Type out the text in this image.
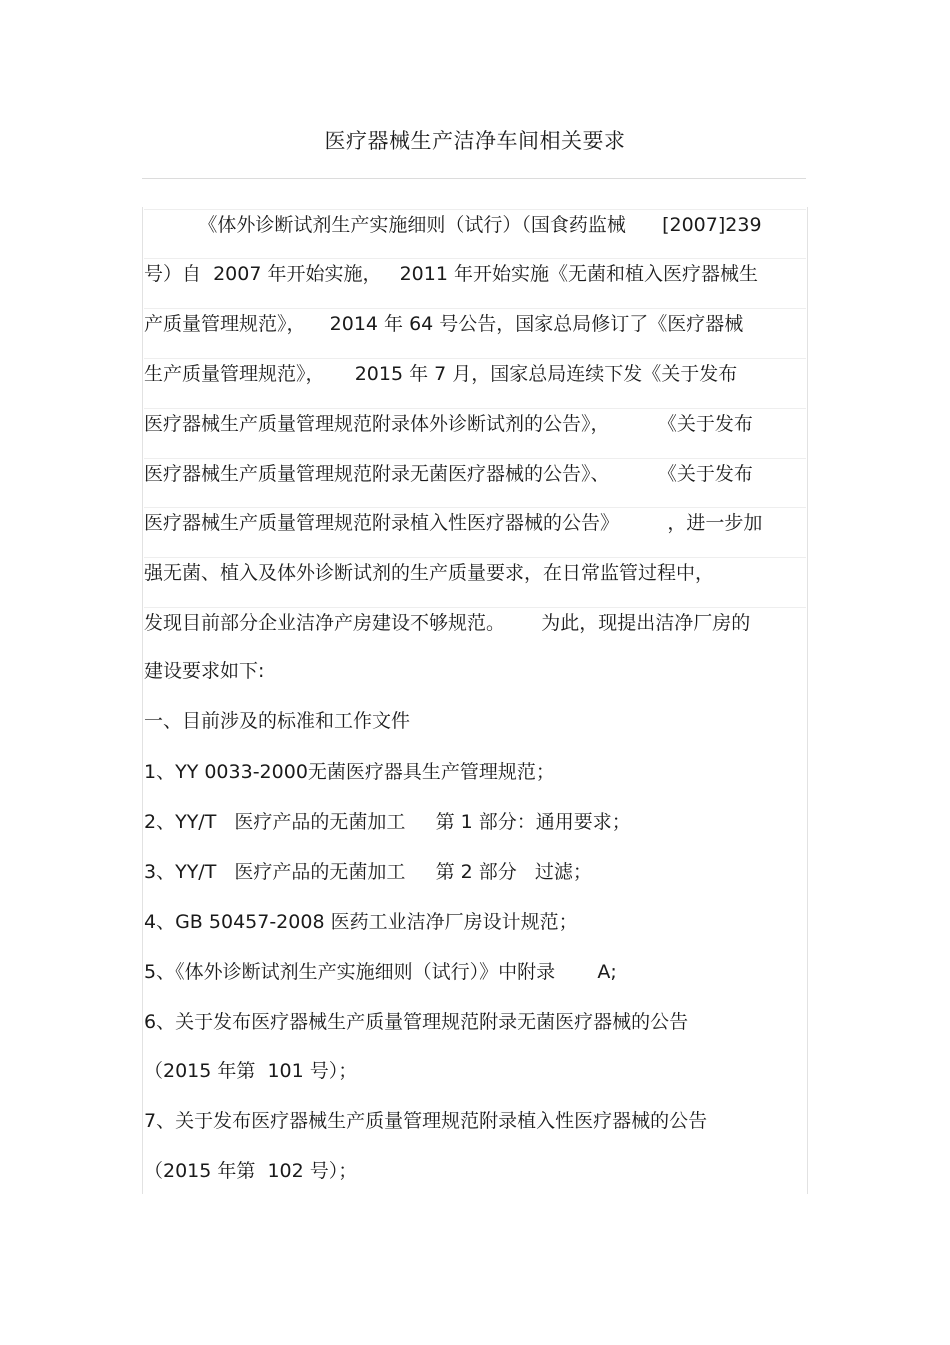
医疗器械生产洁净车间相关要求
《体外诊断试剂生产实施细则（试行）（国食药监械      [2007]239
号）自  2007 年开始实施，   2011 年开始实施《无菌和植入医疗器械生
产质量管理规范》，    2014 年 64 号公告，国家总局修订了《医疗器械
生产质量管理规范》，     2015 年 7 月，国家总局连续下发《关于发布
医疗器械生产质量管理规范附录体外诊断试剂的公告》，        《关于发布
医疗器械生产质量管理规范附录无菌医疗器械的公告》、        《关于发布
医疗器械生产质量管理规范附录植入性医疗器械的公告》        ，进一步加
强无菌、植入及体外诊断试剂的生产质量要求，在日常监管过程中，
发现目前部分企业洁净产房建设不够规范。      为此，现提出洁净厂房的
建设要求如下:
一、目前涉及的标准和工作文件
1、YY 0033-2000无菌医疗器具生产管理规范；
2、YY/T   医疗产品的无菌加工     第 1 部分：通用要求；
3、YY/T   医疗产品的无菌加工     第 2 部分   过滤；
4、GB 50457-2008 医药工业洁净厂房设计规范；
5、《体外诊断试剂生产实施细则（试行）》中附录       A;
6、关于发布医疗器械生产质量管理规范附录无菌医疗器械的公告
（2015 年第  101 号）；
7、关于发布医疗器械生产质量管理规范附录植入性医疗器械的公告
（2015 年第  102 号）；
